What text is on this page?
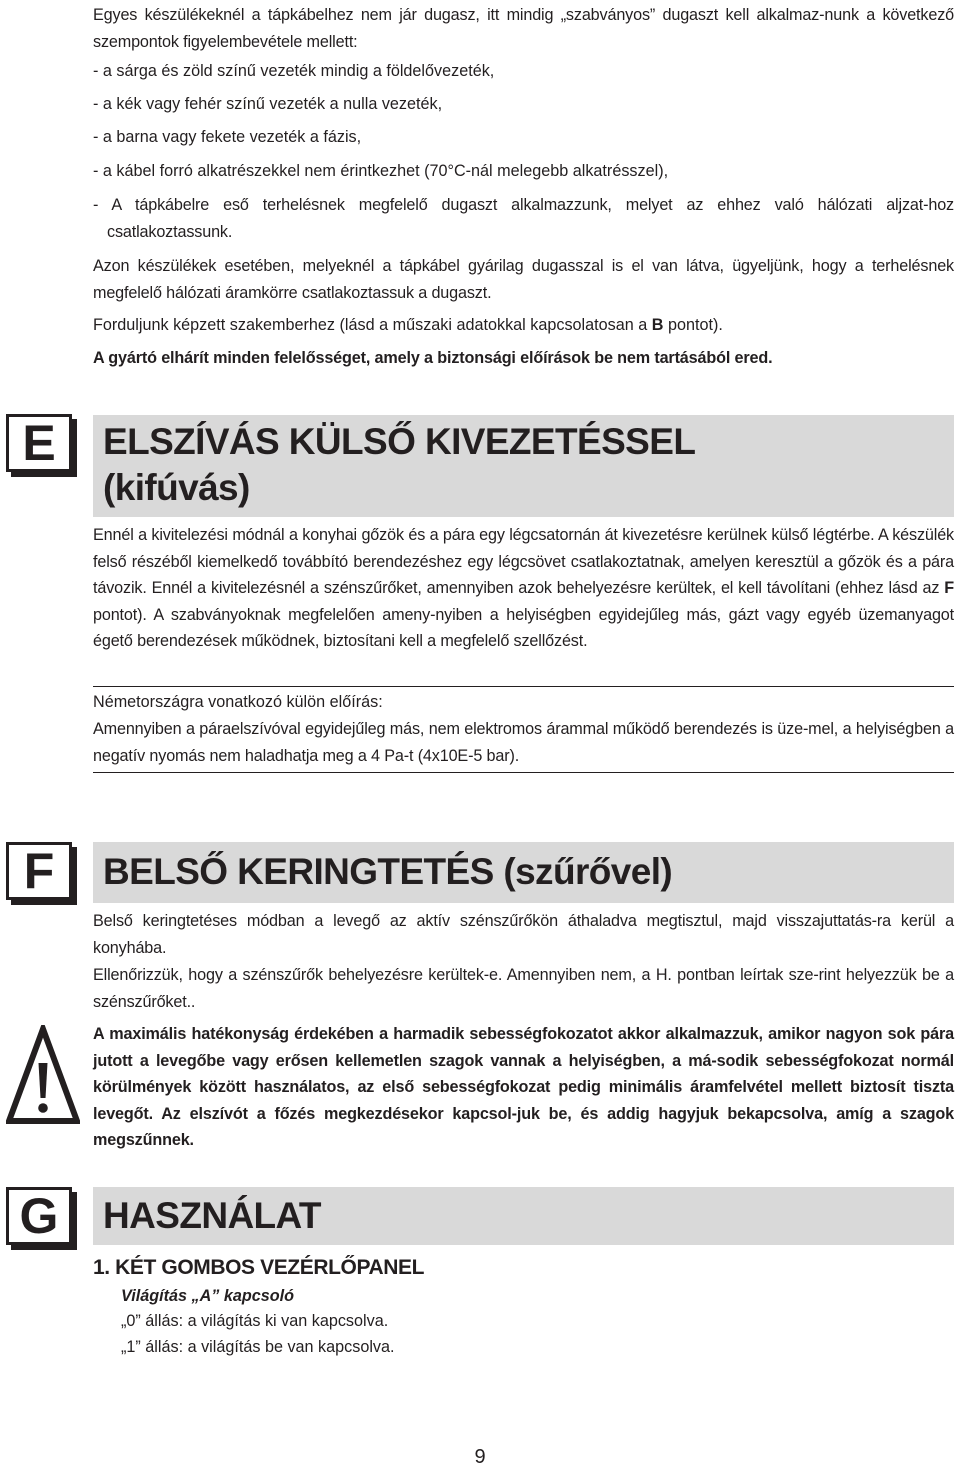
Egyes készülékeknél a tápkábelhez nem jár dugasz, itt mindig „szabványos” dugaszt kell alkalmaz-nunk a következő szempontok figyelembevétele mellett:

- a sárga és zöld színű vezeték mindig a földelővezeték,

- a kék vagy fehér színű vezeték a nulla vezeték,

- a barna vagy fekete vezeték a fázis,

- a kábel forró alkatrészekkel nem érintkezhet (70°C-nál melegebb alkatrésszel),

- A tápkábelre eső terhelésnek megfelelő dugaszt alkalmazzunk, melyet az ehhez való hálózati aljzat-hoz csatlakoztassunk.

Azon készülékek esetében, melyeknél a tápkábel gyárilag dugasszal is el van látva, ügyeljünk, hogy a terhelésnek megfelelő hálózati áramkörre csatlakoztassuk a dugaszt.

Forduljunk képzett szakemberhez (lásd a műszaki adatokkal kapcsolatosan a B pontot).

A gyártó elhárít minden felelősséget, amely a biztonsági előírások be nem tartásából ered.

E	ELSZÍVÁS KÜLSŐ KIVEZETÉSSEL
(kifúvás)

Ennél a kivitelezési módnál a konyhai gőzök és a pára egy légcsatornán át kivezetésre kerülnek külső légtérbe. A készülék felső részéből kiemelkedő továbbító berendezéshez egy légcsövet csatlakoztatnak, amelyen keresztül a gőzök és a pára távozik. Ennél a kivitelezésnél a szénszűrőket, amennyiben azok behelyezésre kerültek, el kell távolítani (ehhez lásd az F pontot). A szabványoknak megfelelően ameny-nyiben a helyiségben egyidejűleg más, gázt vagy egyéb üzemanyagot égető berendezések működnek, biztosítani kell a megfelelő szellőzést.

Németországra vonatkozó külön előírás:

Amennyiben a páraelszívóval egyidejűleg más, nem elektromos árammal működő berendezés is üze-mel, a helyiségben a negatív nyomás nem haladhatja meg a 4 Pa-t (4x10E-5 bar).

F	BELSŐ KERINGTETÉS (szűrővel)

Belső keringtetéses módban a levegő az aktív szénszűrőkön áthaladva megtisztul, majd visszajuttatás-ra kerül a konyhába.

Ellenőrizzük, hogy a szénszűrők behelyezésre kerültek-e. Amennyiben nem, a H. pontban leírtak sze-rint helyezzük be a szénszűrőket..

A maximális hatékonyság érdekében a harmadik sebességfokozatot akkor alkalmazzuk, amikor nagyon sok pára jutott a levegőbe vagy erősen kellemetlen szagok vannak a helyiségben, a má-sodik sebességfokozat normál körülmények között használatos, az első sebességfokozat pedig minimális áramfelvétel mellett biztosít tiszta levegőt. Az elszívót a főzés megkezdésekor kapcsol-juk be, és addig hagyjuk bekapcsolva, amíg a szagok megszűnnek.

G	HASZNÁLAT

1. KÉT GOMBOS VEZÉRLŐPANEL

Világítás „A” kapcsoló

„0” állás: a világítás ki van kapcsolva.

„1” állás: a világítás be van kapcsolva.

9
